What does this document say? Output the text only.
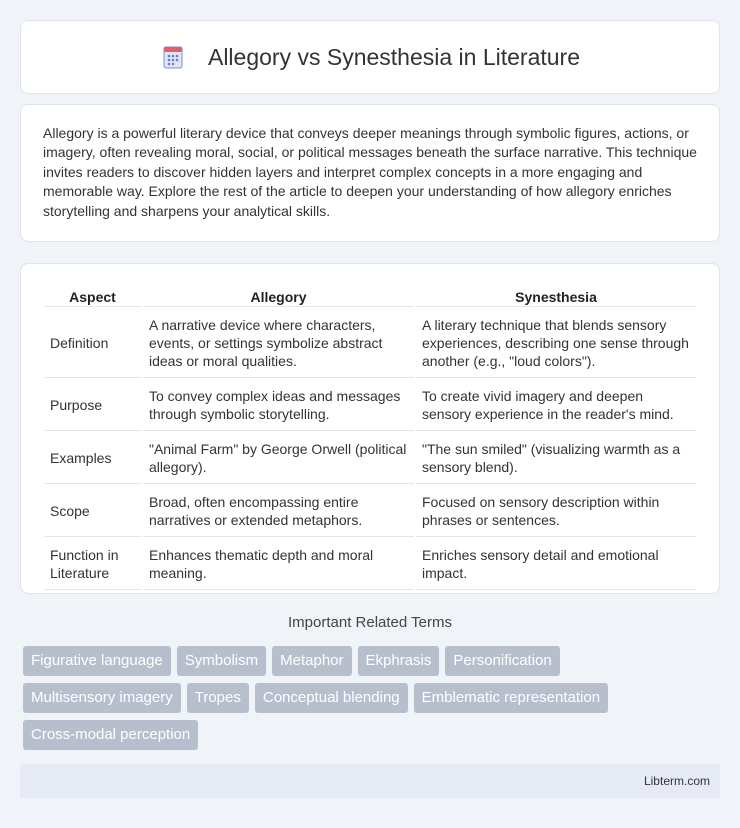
Allegory vs Synesthesia in Literature

Allegory is a powerful literary device that conveys deeper meanings through symbolic figures, actions, or imagery, often revealing moral, social, or political messages beneath the surface narrative. This technique invites readers to discover hidden layers and interpret complex concepts in a more engaging and memorable way. Explore the rest of the article to deepen your understanding of how allegory enriches storytelling and sharpens your analytical skills.

Aspect	Allegory	Synesthesia
Definition	A narrative device where characters, events, or settings symbolize abstract ideas or moral qualities.	A literary technique that blends sensory experiences, describing one sense through another (e.g., "loud colors").
Purpose	To convey complex ideas and messages through symbolic storytelling.	To create vivid imagery and deepen sensory experience in the reader's mind.
Examples	"Animal Farm" by George Orwell (political allegory).	"The sun smiled" (visualizing warmth as a sensory blend).
Scope	Broad, often encompassing entire narratives or extended metaphors.	Focused on sensory description within phrases or sentences.
Function in Literature	Enhances thematic depth and moral meaning.	Enriches sensory detail and emotional impact.
Important Related Terms
Figurative language	Symbolism	Metaphor	Ekphrasis	Personification
Multisensory imagery	Tropes	Conceptual blending	Emblematic representation
Cross-modal perception
Libterm.com
